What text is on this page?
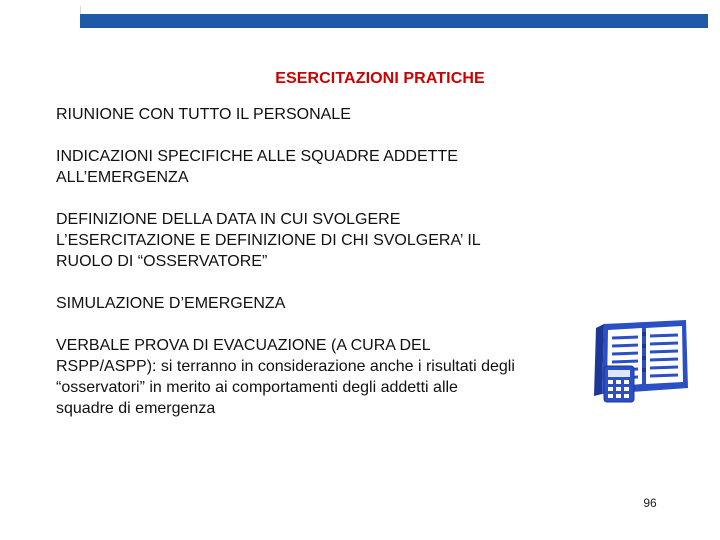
ESERCITAZIONI PRATICHE

RIUNIONE CON TUTTO IL PERSONALE

INDICAZIONI SPECIFICHE ALLE SQUADRE ADDETTE
ALL’EMERGENZA

DEFINIZIONE DELLA DATA IN CUI SVOLGERE
L’ESERCITAZIONE E DEFINIZIONE DI CHI SVOLGERA’ IL
RUOLO DI “OSSERVATORE”

SIMULAZIONE D’EMERGENZA

VERBALE PROVA DI EVACUAZIONE (A CURA DEL
RSPP/ASPP): si terranno in considerazione anche i risultati degli
“osservatori” in merito ai comportamenti degli addetti alle
squadre di emergenza

96
